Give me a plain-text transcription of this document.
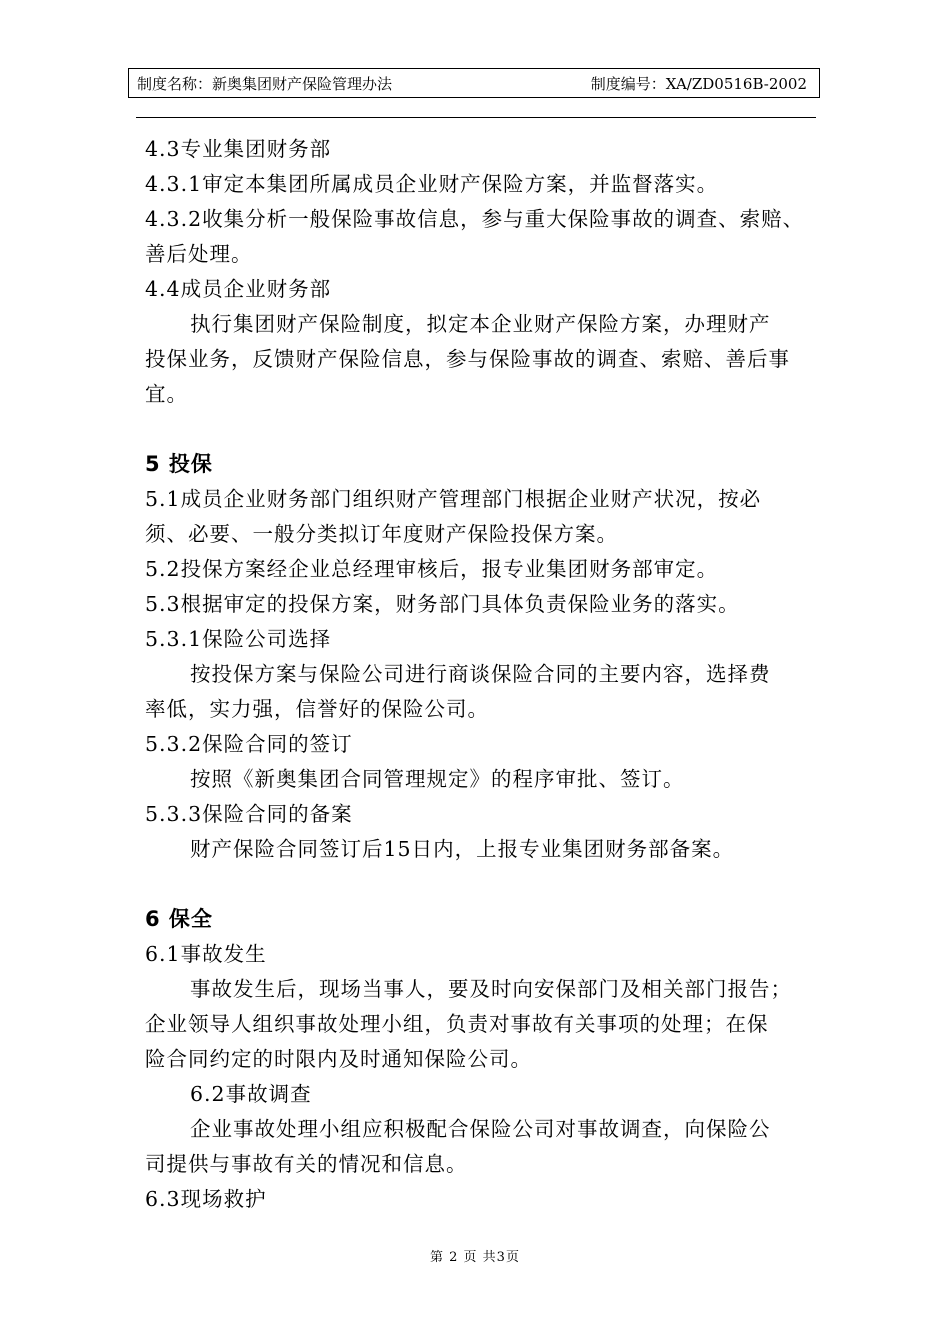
制度名称：新奥集团财产保险管理办法	制度编号：XA/ZD0516B-2002
4.3专业集团财务部
4.3.1审定本集团所属成员企业财产保险方案，并监督落实。
4.3.2收集分析一般保险事故信息，参与重大保险事故的调查、索赔、
善后处理。
4.4成员企业财务部
执行集团财产保险制度，拟定本企业财产保险方案，办理财产
投保业务，反馈财产保险信息，参与保险事故的调查、索赔、善后事
宜。
5 投保
5.1成员企业财务部门组织财产管理部门根据企业财产状况，按必
须、必要、一般分类拟订年度财产保险投保方案。
5.2投保方案经企业总经理审核后，报专业集团财务部审定。
5.3根据审定的投保方案，财务部门具体负责保险业务的落实。
5.3.1保险公司选择
按投保方案与保险公司进行商谈保险合同的主要内容，选择费
率低，实力强，信誉好的保险公司。
5.3.2保险合同的签订
按照《新奥集团合同管理规定》的程序审批、签订。
5.3.3保险合同的备案
财产保险合同签订后15日内，上报专业集团财务部备案。
6 保全
6.1事故发生
事故发生后，现场当事人，要及时向安保部门及相关部门报告；
企业领导人组织事故处理小组，负责对事故有关事项的处理；在保
险合同约定的时限内及时通知保险公司。
6.2事故调查
企业事故处理小组应积极配合保险公司对事故调查，向保险公
司提供与事故有关的情况和信息。
6.3现场救护
第 2 页 共3页
